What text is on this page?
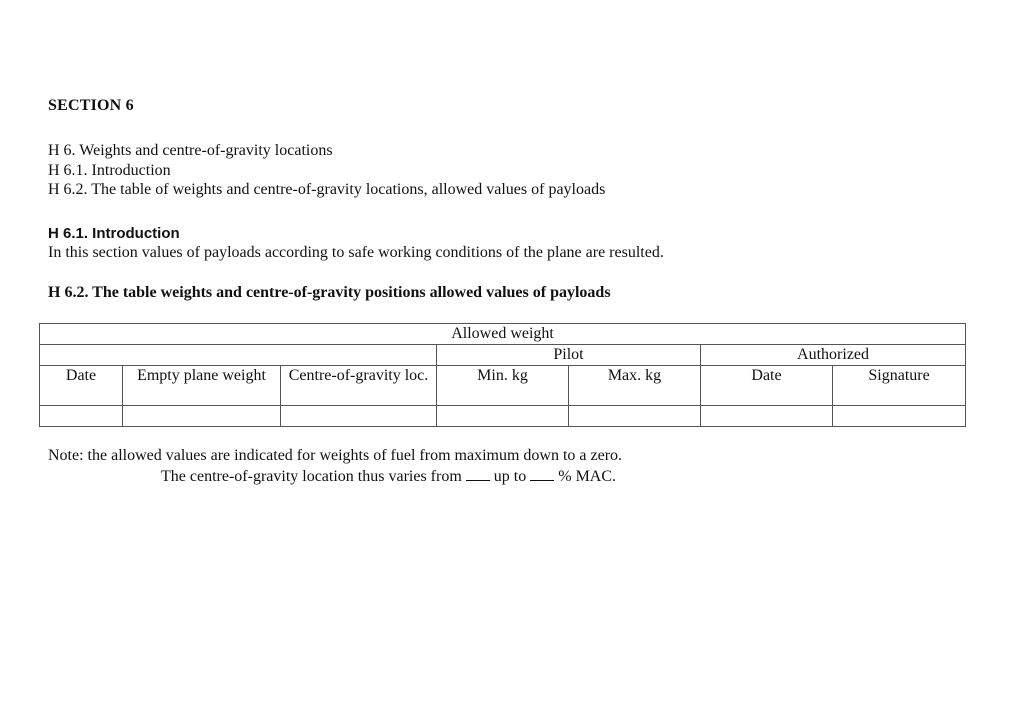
SECTION 6
H 6. Weights and centre-of-gravity locations
H 6.1. Introduction
H 6.2. The table of weights and centre-of-gravity locations, allowed values of payloads
H 6.1. Introduction
In this section values of payloads according to safe working conditions of the plane are resulted.
H 6.2. The table weights and centre-of-gravity positions allowed values of payloads
Allowed weight						
			Pilot		Authorized	
Date	Empty plane weight	Centre-of-gravity loc.	Min. kg	Max. kg	Date	Signature

Note: the allowed values are indicated for weights of fuel from maximum down to a zero.
The centre-of-gravity location thus varies from up to % MAC.
